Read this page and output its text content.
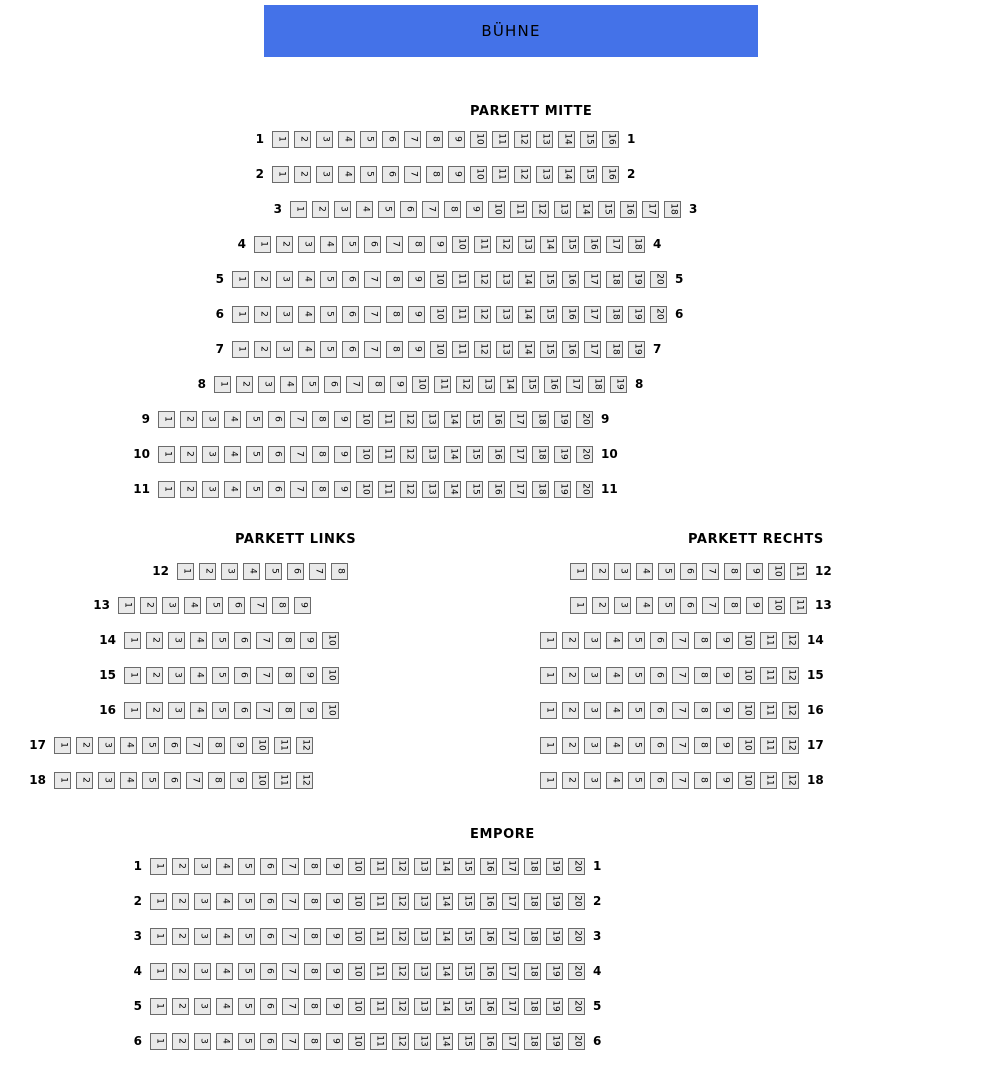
BÜHNE
PARKETT MITTE
1 1 2 3 4 5 6 7 8 9 10 11 12 13 14 15 16 1
2 1 2 3 4 5 6 7 8 9 10 11 12 13 14 15 16 2
3 1 2 3 4 5 6 7 8 9 10 11 12 13 14 15 16 17 18 3
4 1 2 3 4 5 6 7 8 9 10 11 12 13 14 15 16 17 18 4
5 1 2 3 4 5 6 7 8 9 10 11 12 13 14 15 16 17 18 19 20 5
6 1 2 3 4 5 6 7 8 9 10 11 12 13 14 15 16 17 18 19 20 6
7 1 2 3 4 5 6 7 8 9 10 11 12 13 14 15 16 17 18 19 7
8 1 2 3 4 5 6 7 8 9 10 11 12 13 14 15 16 17 18 19 8
9 1 2 3 4 5 6 7 8 9 10 11 12 13 14 15 16 17 18 19 20 9
10 1 2 3 4 5 6 7 8 9 10 11 12 13 14 15 16 17 18 19 20 10
11 1 2 3 4 5 6 7 8 9 10 11 12 13 14 15 16 17 18 19 20 11
PARKETT LINKS
12 1 2 3 4 5 6 7 8
13 1 2 3 4 5 6 7 8 9
14 1 2 3 4 5 6 7 8 9 10
15 1 2 3 4 5 6 7 8 9 10
16 1 2 3 4 5 6 7 8 9 10
17 1 2 3 4 5 6 7 8 9 10 11 12
18 1 2 3 4 5 6 7 8 9 10 11 12
PARKETT RECHTS
1 2 3 4 5 6 7 8 9 10 11 12
1 2 3 4 5 6 7 8 9 10 11 13
1 2 3 4 5 6 7 8 9 10 11 12 14
1 2 3 4 5 6 7 8 9 10 11 12 15
1 2 3 4 5 6 7 8 9 10 11 12 16
1 2 3 4 5 6 7 8 9 10 11 12 17
1 2 3 4 5 6 7 8 9 10 11 12 18
EMPORE
1 1 2 3 4 5 6 7 8 9 10 11 12 13 14 15 16 17 18 19 20 1
2 1 2 3 4 5 6 7 8 9 10 11 12 13 14 15 16 17 18 19 20 2
3 1 2 3 4 5 6 7 8 9 10 11 12 13 14 15 16 17 18 19 20 3
4 1 2 3 4 5 6 7 8 9 10 11 12 13 14 15 16 17 18 19 20 4
5 1 2 3 4 5 6 7 8 9 10 11 12 13 14 15 16 17 18 19 20 5
6 1 2 3 4 5 6 7 8 9 10 11 12 13 14 15 16 17 18 19 20 6
